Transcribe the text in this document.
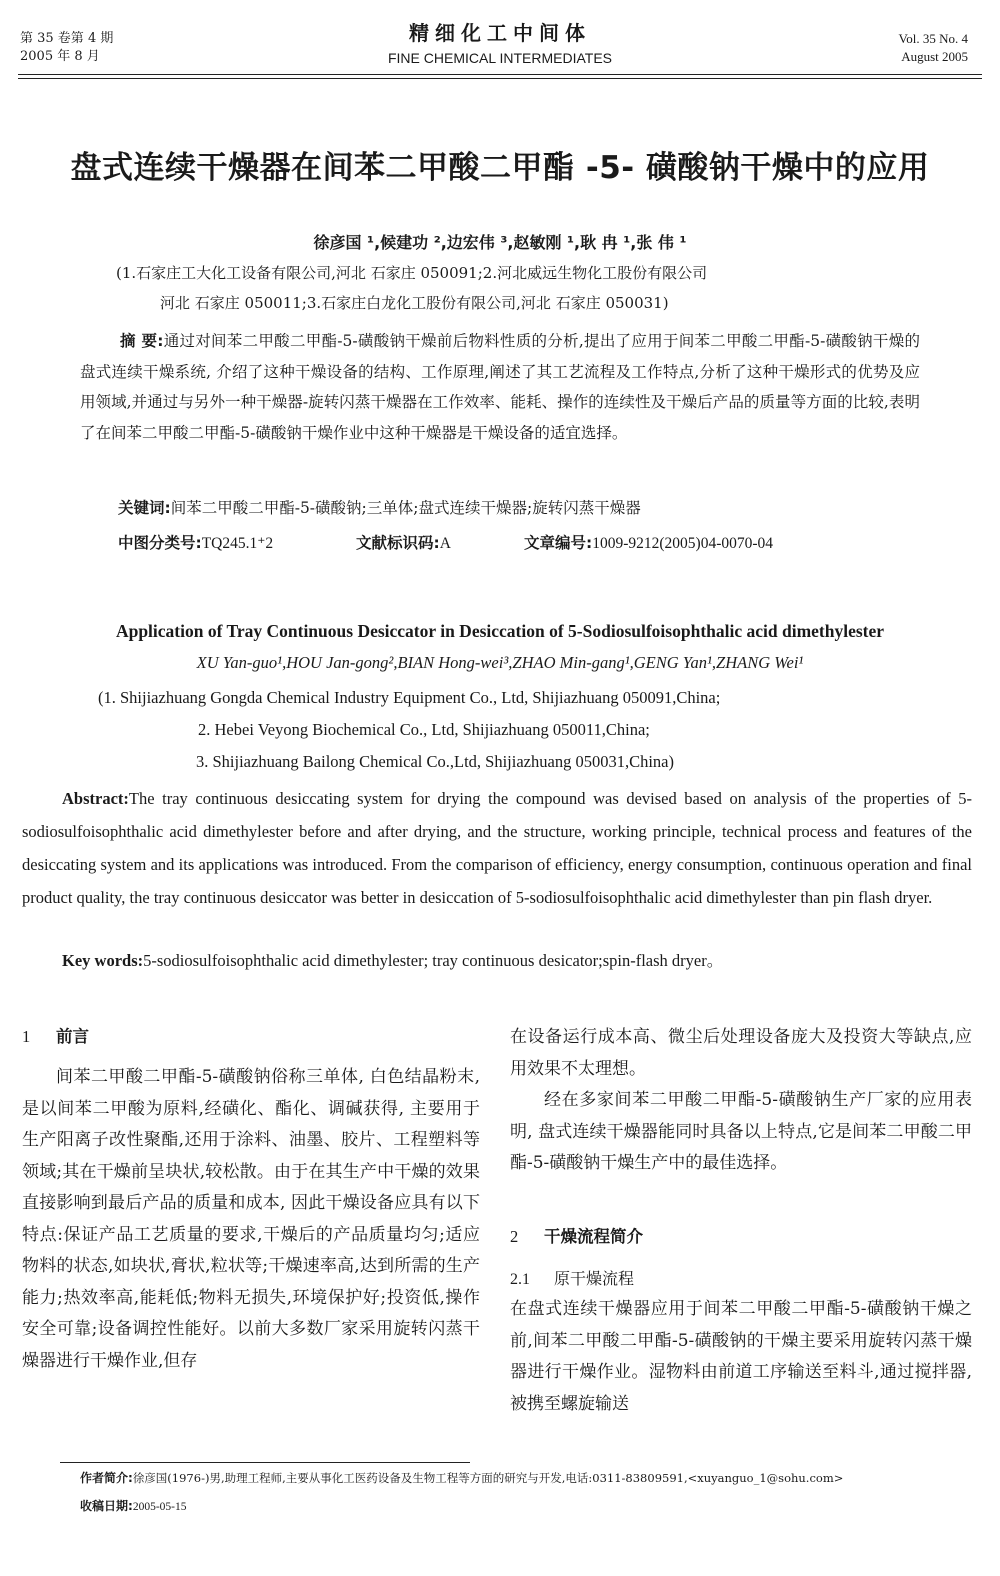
第 35 卷第 4 期
2005 年 8 月
精细化工中间体
FINE CHEMICAL INTERMEDIATES
Vol. 35 No. 4
August 2005
盘式连续干燥器在间苯二甲酸二甲酯 -5- 磺酸钠干燥中的应用
徐彦国 ¹,候建功 ²,边宏伟 ³,赵敏刚 ¹,耿 冉 ¹,张 伟 ¹
(1.石家庄工大化工设备有限公司,河北 石家庄 050091;2.河北威远生物化工股份有限公司
河北 石家庄 050011;3.石家庄白龙化工股份有限公司,河北 石家庄 050031)
摘 要:通过对间苯二甲酸二甲酯-5-磺酸钠干燥前后物料性质的分析,提出了应用于间苯二甲酸二甲酯-5-磺酸钠干燥的盘式连续干燥系统, 介绍了这种干燥设备的结构、工作原理,阐述了其工艺流程及工作特点,分析了这种干燥形式的优势及应用领域,并通过与另外一种干燥器-旋转闪蒸干燥器在工作效率、能耗、操作的连续性及干燥后产品的质量等方面的比较,表明了在间苯二甲酸二甲酯-5-磺酸钠干燥作业中这种干燥器是干燥设备的适宜选择。
关键词:间苯二甲酸二甲酯-5-磺酸钠;三单体;盘式连续干燥器;旋转闪蒸干燥器
中图分类号:TQ245.1⁺2	文献标识码:A	文章编号:1009-9212(2005)04-0070-04
Application of Tray Continuous Desiccator in Desiccation of 5-Sodiosulfoisophthalic acid dimethylester
XU Yan-guo¹,HOU Jan-gong²,BIAN Hong-wei³,ZHAO Min-gang¹,GENG Yan¹,ZHANG Wei¹
(1. Shijiazhuang Gongda Chemical Industry Equipment Co., Ltd, Shijiazhuang 050091,China;
2. Hebei Veyong Biochemical Co., Ltd, Shijiazhuang 050011,China;
3. Shijiazhuang Bailong Chemical Co.,Ltd, Shijiazhuang 050031,China)
Abstract:The tray continuous desiccating system for drying the compound was devised based on analysis of the properties of 5-sodiosulfoisophthalic acid dimethylester before and after drying, and the structure, working principle, technical process and features of the desiccating system and its applications was introduced. From the comparison of efficiency, energy consumption, continuous operation and final product quality, the tray continuous desiccator was better in desiccation of 5-sodiosulfoisophthalic acid dimethylester than pin flash dryer.
Key words:5-sodiosulfoisophthalic acid dimethylester; tray continuous desicator;spin-flash dryer。
1 前言

间苯二甲酸二甲酯-5-磺酸钠俗称三单体, 白色结晶粉末,是以间苯二甲酸为原料,经磺化、酯化、调碱获得, 主要用于生产阳离子改性聚酯,还用于涂料、油墨、胶片、工程塑料等领域;其在干燥前呈块状,较松散。由于在其生产中干燥的效果直接影响到最后产品的质量和成本, 因此干燥设备应具有以下特点:保证产品工艺质量的要求,干燥后的产品质量均匀;适应物料的状态,如块状,膏状,粒状等;干燥速率高,达到所需的生产能力;热效率高,能耗低;物料无损失,环境保护好;投资低,操作安全可靠;设备调控性能好。以前大多数厂家采用旋转闪蒸干燥器进行干燥作业,但存

在设备运行成本高、微尘后处理设备庞大及投资大等缺点,应用效果不太理想。

经在多家间苯二甲酸二甲酯-5-磺酸钠生产厂家的应用表明, 盘式连续干燥器能同时具备以上特点,它是间苯二甲酸二甲酯-5-磺酸钠干燥生产中的最佳选择。

2 干燥流程简介
2.1 原干燥流程

在盘式连续干燥器应用于间苯二甲酸二甲酯-5-磺酸钠干燥之前,间苯二甲酸二甲酯-5-磺酸钠的干燥主要采用旋转闪蒸干燥器进行干燥作业。湿物料由前道工序输送至料斗,通过搅拌器,被携至螺旋输送

作者简介:徐彦国(1976-)男,助理工程师,主要从事化工医药设备及生物工程等方面的研究与开发,电话:0311-83809591,<xuyanguo_1@sohu.com>
收稿日期:2005-05-15
